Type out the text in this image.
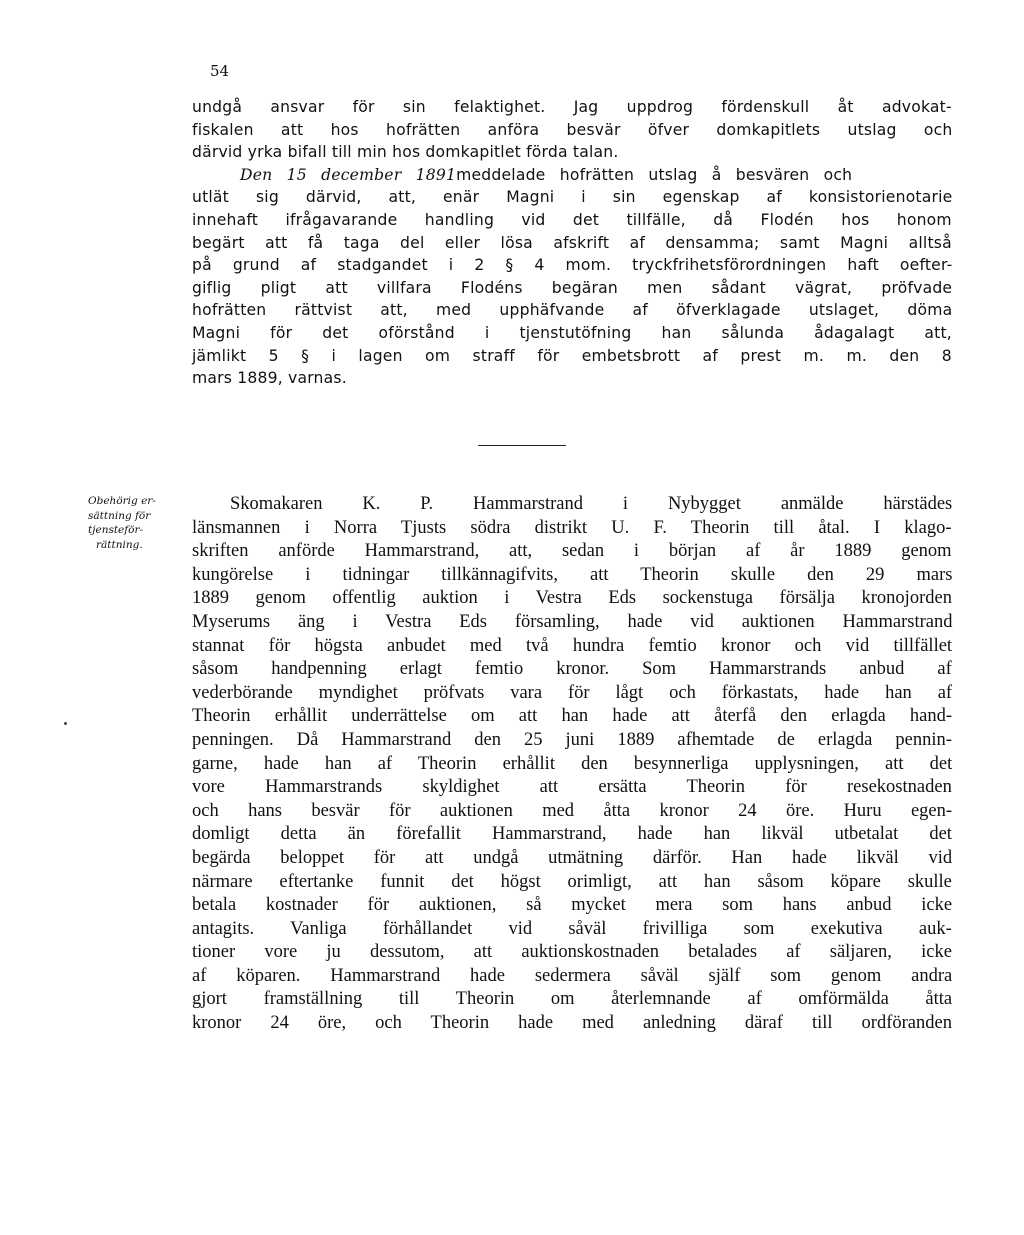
54
undgå ansvar för sin felaktighet. Jag uppdrog fördenskull åt advokat-
fiskalen att hos hofrätten anföra besvär öfver domkapitlets utslag och
därvid yrka bifall till min hos domkapitlet förda talan.
Den 15 december 1891meddelade hofrätten utslag å besvären och
utlät sig därvid, att, enär Magni i sin egenskap af konsistorienotarie
innehaft ifrågavarande handling vid det tillfälle, då Flodén hos honom
begärt att få taga del eller lösa afskrift af densamma; samt Magni alltså
på grund af stadgandet i 2 § 4 mom. tryckfrihetsförordningen haft oefter-
giflig pligt att villfara Flodéns begäran men sådant vägrat, pröfvade
hofrätten rättvist att, med upphäfvande af öfverklagade utslaget, döma
Magni för det oförstånd i tjenstutöfning han sålunda ådagalagt att,
jämlikt 5 § i lagen om straff för embetsbrott af prest m. m. den 8
mars 1889, varnas.
Obehörig er-
sättning för
tjensteför-
rättning.
Skomakaren K. P. Hammarstrand i Nybygget anmälde härstädes
länsmannen i Norra Tjusts södra distrikt U. F. Theorin till åtal. I klago-
skriften anförde Hammarstrand, att, sedan i början af år 1889 genom
kungörelse i tidningar tillkännagifvits, att Theorin skulle den 29 mars
1889 genom offentlig auktion i Vestra Eds sockenstuga försälja kronojorden
Myserums äng i Vestra Eds församling, hade vid auktionen Hammarstrand
stannat för högsta anbudet med två hundra femtio kronor och vid tillfället
såsom handpenning erlagt femtio kronor. Som Hammarstrands anbud af
vederbörande myndighet pröfvats vara för lågt och förkastats, hade han af
Theorin erhållit underrättelse om att han hade att återfå den erlagda hand-
penningen. Då Hammarstrand den 25 juni 1889 afhemtade de erlagda pennin-
garne, hade han af Theorin erhållit den besynnerliga upplysningen, att det
vore Hammarstrands skyldighet att ersätta Theorin för resekostnaden
och hans besvär för auktionen med åtta kronor 24 öre. Huru egen-
domligt detta än förefallit Hammarstrand, hade han likväl utbetalat det
begärda beloppet för att undgå utmätning därför. Han hade likväl vid
närmare eftertanke funnit det högst orimligt, att han såsom köpare skulle
betala kostnader för auktionen, så mycket mera som hans anbud icke
antagits. Vanliga förhållandet vid såväl frivilliga som exekutiva auk-
tioner vore ju dessutom, att auktionskostnaden betalades af säljaren, icke
af köparen. Hammarstrand hade sedermera såväl själf som genom andra
gjort framställning till Theorin om återlemnande af omförmälda åtta
kronor 24 öre, och Theorin hade med anledning däraf till ordföranden
